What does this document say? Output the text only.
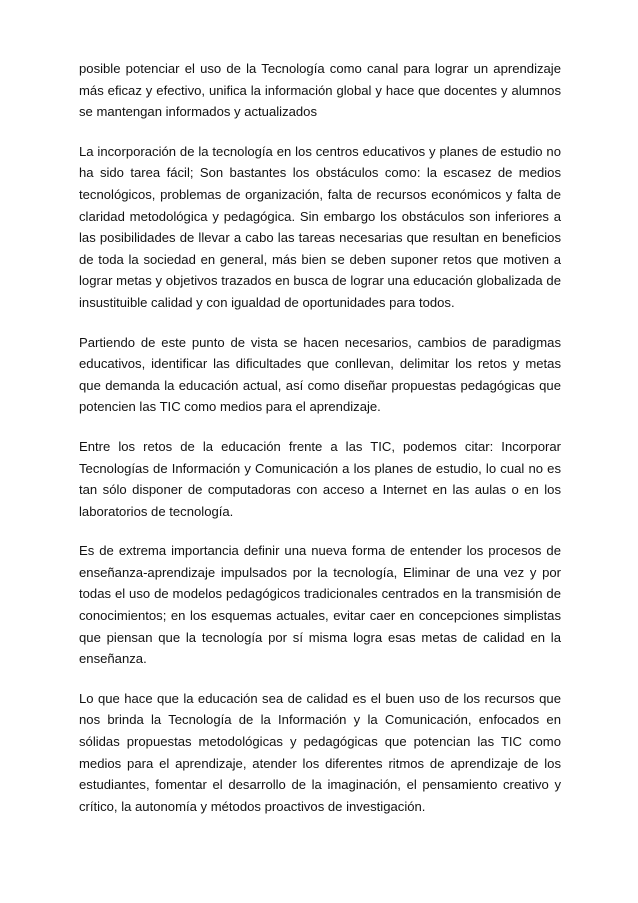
posible potenciar el uso de la Tecnología como canal para lograr un aprendizaje más eficaz y efectivo, unifica la información global y hace que docentes y alumnos se mantengan informados y actualizados

La incorporación de la tecnología en los centros educativos y planes de estudio no ha sido tarea fácil; Son bastantes los obstáculos como: la escasez de medios tecnológicos, problemas de organización, falta de recursos económicos y falta de claridad metodológica y pedagógica. Sin embargo los obstáculos son inferiores a las posibilidades de llevar a cabo las tareas necesarias que resultan en beneficios de toda la sociedad en general, más bien se deben suponer retos que motiven a lograr metas y objetivos trazados en busca de lograr una educación globalizada de insustituible calidad y con igualdad de oportunidades para todos.

Partiendo de este punto de vista se hacen necesarios, cambios de paradigmas educativos, identificar las dificultades que conllevan, delimitar los retos y metas que demanda la educación actual, así como diseñar propuestas pedagógicas que potencien las TIC como medios para el aprendizaje.

Entre los retos de la educación frente a las TIC, podemos citar: Incorporar Tecnologías de Información y Comunicación a los planes de estudio, lo cual no es tan sólo disponer de computadoras con acceso a Internet en las aulas o en los laboratorios de tecnología.

Es de extrema importancia definir una nueva forma de entender los procesos de enseñanza-aprendizaje impulsados por la tecnología, Eliminar de una vez y por todas el uso de modelos pedagógicos tradicionales centrados en la transmisión de conocimientos; en los esquemas actuales, evitar caer en concepciones simplistas que piensan que la tecnología por sí misma logra esas metas de calidad en la enseñanza.

Lo que hace que la educación sea de calidad es el buen uso de los recursos que nos brinda la Tecnología de la Información y la Comunicación, enfocados en sólidas propuestas metodológicas y pedagógicas que potencian las TIC como medios para el aprendizaje, atender los diferentes ritmos de aprendizaje de los estudiantes, fomentar el desarrollo de la imaginación, el pensamiento creativo y crítico, la autonomía y métodos proactivos de investigación.
